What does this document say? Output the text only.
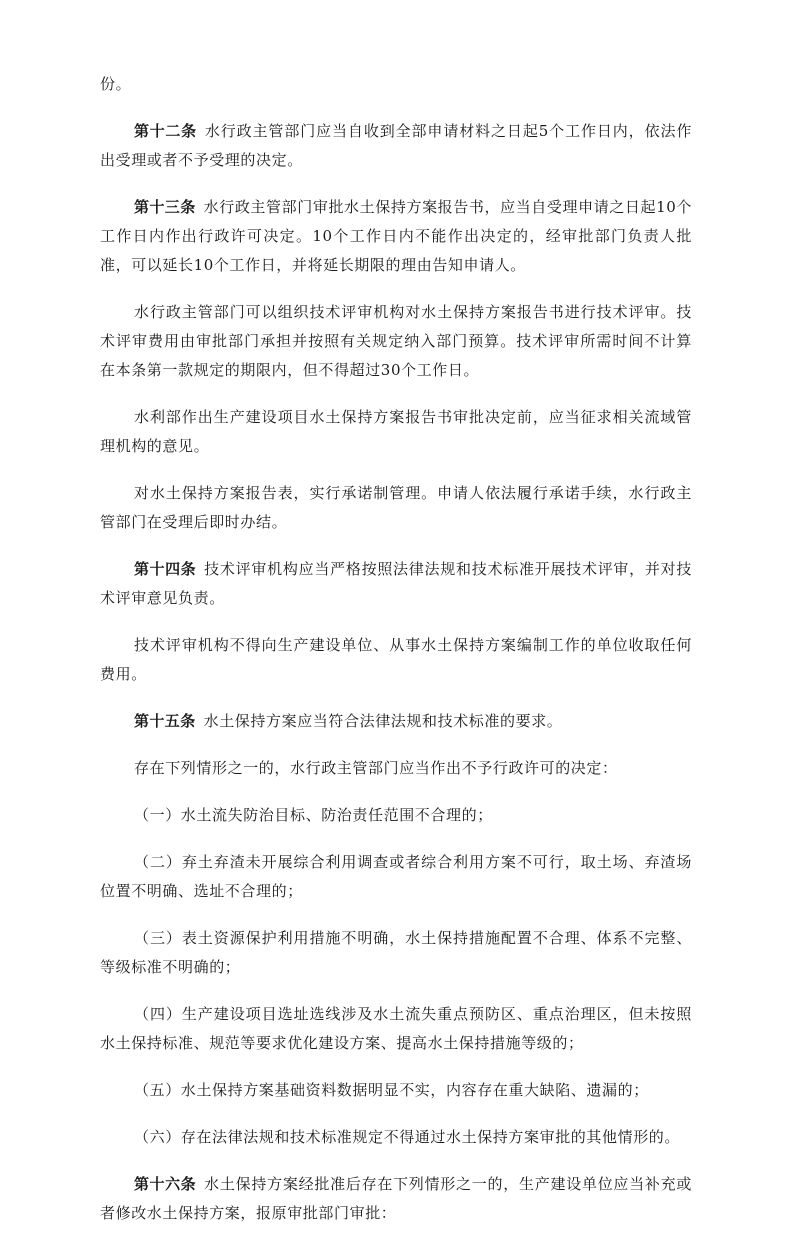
份。

第十二条 水行政主管部门应当自收到全部申请材料之日起5个工作日内，依法作出受理或者不予受理的决定。

第十三条 水行政主管部门审批水土保持方案报告书，应当自受理申请之日起10个工作日内作出行政许可决定。10个工作日内不能作出决定的，经审批部门负责人批准，可以延长10个工作日，并将延长期限的理由告知申请人。

水行政主管部门可以组织技术评审机构对水土保持方案报告书进行技术评审。技术评审费用由审批部门承担并按照有关规定纳入部门预算。技术评审所需时间不计算在本条第一款规定的期限内，但不得超过30个工作日。

水利部作出生产建设项目水土保持方案报告书审批决定前，应当征求相关流域管理机构的意见。

对水土保持方案报告表，实行承诺制管理。申请人依法履行承诺手续，水行政主管部门在受理后即时办结。

第十四条 技术评审机构应当严格按照法律法规和技术标准开展技术评审，并对技术评审意见负责。

技术评审机构不得向生产建设单位、从事水土保持方案编制工作的单位收取任何费用。

第十五条 水土保持方案应当符合法律法规和技术标准的要求。

存在下列情形之一的，水行政主管部门应当作出不予行政许可的决定：

（一）水土流失防治目标、防治责任范围不合理的；

（二）弃土弃渣未开展综合利用调查或者综合利用方案不可行，取土场、弃渣场位置不明确、选址不合理的；

（三）表土资源保护利用措施不明确，水土保持措施配置不合理、体系不完整、等级标准不明确的；

（四）生产建设项目选址选线涉及水土流失重点预防区、重点治理区，但未按照水土保持标准、规范等要求优化建设方案、提高水土保持措施等级的；

（五）水土保持方案基础资料数据明显不实，内容存在重大缺陷、遗漏的；

（六）存在法律法规和技术标准规定不得通过水土保持方案审批的其他情形的。

第十六条 水土保持方案经批准后存在下列情形之一的，生产建设单位应当补充或者修改水土保持方案，报原审批部门审批：
